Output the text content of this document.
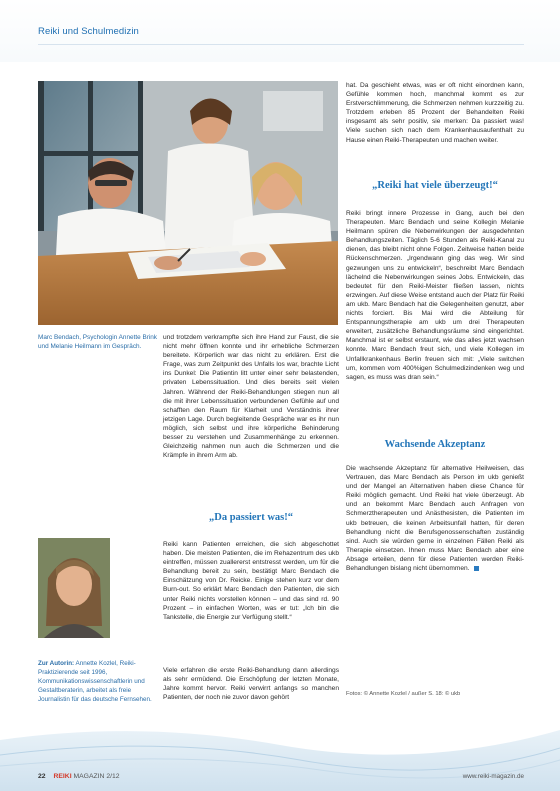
Reiki und Schulmedizin
Marc Bendach, Psychologin Annette Brink und Melanie Heilmann im Gespräch.

und trotzdem verkrampfte sich ihre Hand zur Faust, die sie nicht mehr öffnen konnte und ihr erhebliche Schmerzen bereitete. Körperlich war das nicht zu erklären. Erst die Frage, was zum Zeitpunkt des Unfalls los war, brachte Licht ins Dunkel: Die Patientin litt unter einer sehr belastenden, privaten Lebenssituation. Und dies bereits seit vielen Jahren. Während der Reiki-Behandlungen stiegen nun all die mit ihrer Lebenssituation verbundenen Gefühle auf und schafften den Raum für Klarheit und Verständnis ihrer jetzigen Lage. Durch begleitende Gespräche war es ihr nun möglich, sich selbst und ihre körperliche Behinderung besser zu verstehen und Zusammenhänge zu erkennen. Gleichzeitig nahmen nun auch die Schmerzen und die Krämpfe in ihrem Arm ab.

„Da passiert was!“

Reiki kann Patienten erreichen, die sich abgeschottet haben. Die meisten Patienten, die im Rehazentrum des ukb eintreffen, müssen zuallererst entstresst werden, um für die Behandlung bereit zu sein, bestätigt Marc Bendach die Einschätzung von Dr. Reicke. Einige stehen kurz vor dem Burn-out. So erklärt Marc Bendach den Patienten, die sich unter Reiki nichts vorstellen können – und das sind rd. 90 Prozent – in einfachen Worten, was er tut: „Ich bin die Tankstelle, die Energie zur Verfügung stellt.“

Viele erfahren die erste Reiki-Behandlung dann allerdings als sehr ermüdend. Die Erschöpfung der letzten Monate, Jahre kommt hervor. Reiki verwirrt anfangs so manchen Patienten, der noch nie zuvor davon gehört

hat. Da geschieht etwas, was er oft nicht einordnen kann, Gefühle kommen hoch, manchmal kommt es zur Erstverschlimmerung, die Schmerzen nehmen kurzzeitig zu. Trotzdem erleben 85 Prozent der Behandelten Reiki insgesamt als sehr positiv, sie merken: Da passiert was! Viele suchen sich nach dem Krankenhausaufenthalt zu Hause einen Reiki-Therapeuten und machen weiter.

„Reiki hat viele überzeugt!“

Reiki bringt innere Prozesse in Gang, auch bei den Therapeuten. Marc Bendach und seine Kollegin Melanie Heilmann spüren die Nebenwirkungen der ausgedehnten Behandlungszeiten. Täglich 5-6 Stunden als Reiki-Kanal zu dienen, das bleibt nicht ohne Folgen. Zeitweise hatten beide Rückenschmerzen. „Irgendwann ging das weg. Wir sind gezwungen uns zu entwickeln“, beschreibt Marc Bendach lächelnd die Nebenwirkungen seines Jobs. Entwickeln, das bedeutet für den Reiki-Meister fließen lassen, nichts erzwingen. Auf diese Weise entstand auch der Platz für Reiki am ukb. Marc Bendach hat die Gelegenheiten genutzt, aber nichts forciert. Bis Mai wird die Abteilung für Entspannungstherapie am ukb um drei Therapeuten erweitert, zusätzliche Behandlungsräume sind eingerichtet. Manchmal ist er selbst erstaunt, wie das alles jetzt wachsen konnte. Marc Bendach freut sich, und viele Kollegen im Unfallkrankenhaus Berlin freuen sich mit: „Viele switchen um, kommen vom 400%igen Schulmedizindenken weg und sagen, es muss was dran sein.“

Wachsende Akzeptanz

Die wachsende Akzeptanz für alternative Heilweisen, das Vertrauen, das Marc Bendach als Person im ukb genießt und der Mangel an Alternativen haben diese Chance für Reiki möglich gemacht. Und Reiki hat viele überzeugt. Ab und an bekommt Marc Bendach auch Anfragen von Schmerztherapeuten und Anästhesisten, die Patienten im ukb betreuen, die keinen Arbeitsunfall hatten, für deren Behandlung nicht die Berufsgenossenschaften zuständig sind. Auch sie würden gerne in einzelnen Fällen Reiki als Therapie einsetzen. Ihnen muss Marc Bendach aber eine Absage erteilen, denn für diese Patienten werden Reiki-Behandlungen bislang nicht übernommen.

Zur Autorin: Annette Kozlel, Reiki-Praktizierende seit 1996, Kommunikationswissenschaftlerin und Gestaltberaterin, arbeitet als freie Journalistin für das deutsche Fernsehen.
Fotos: © Annette Kozlel / außer S. 18: © ukb
22 REIKI MAGAZIN 2/12	www.reiki-magazin.de
